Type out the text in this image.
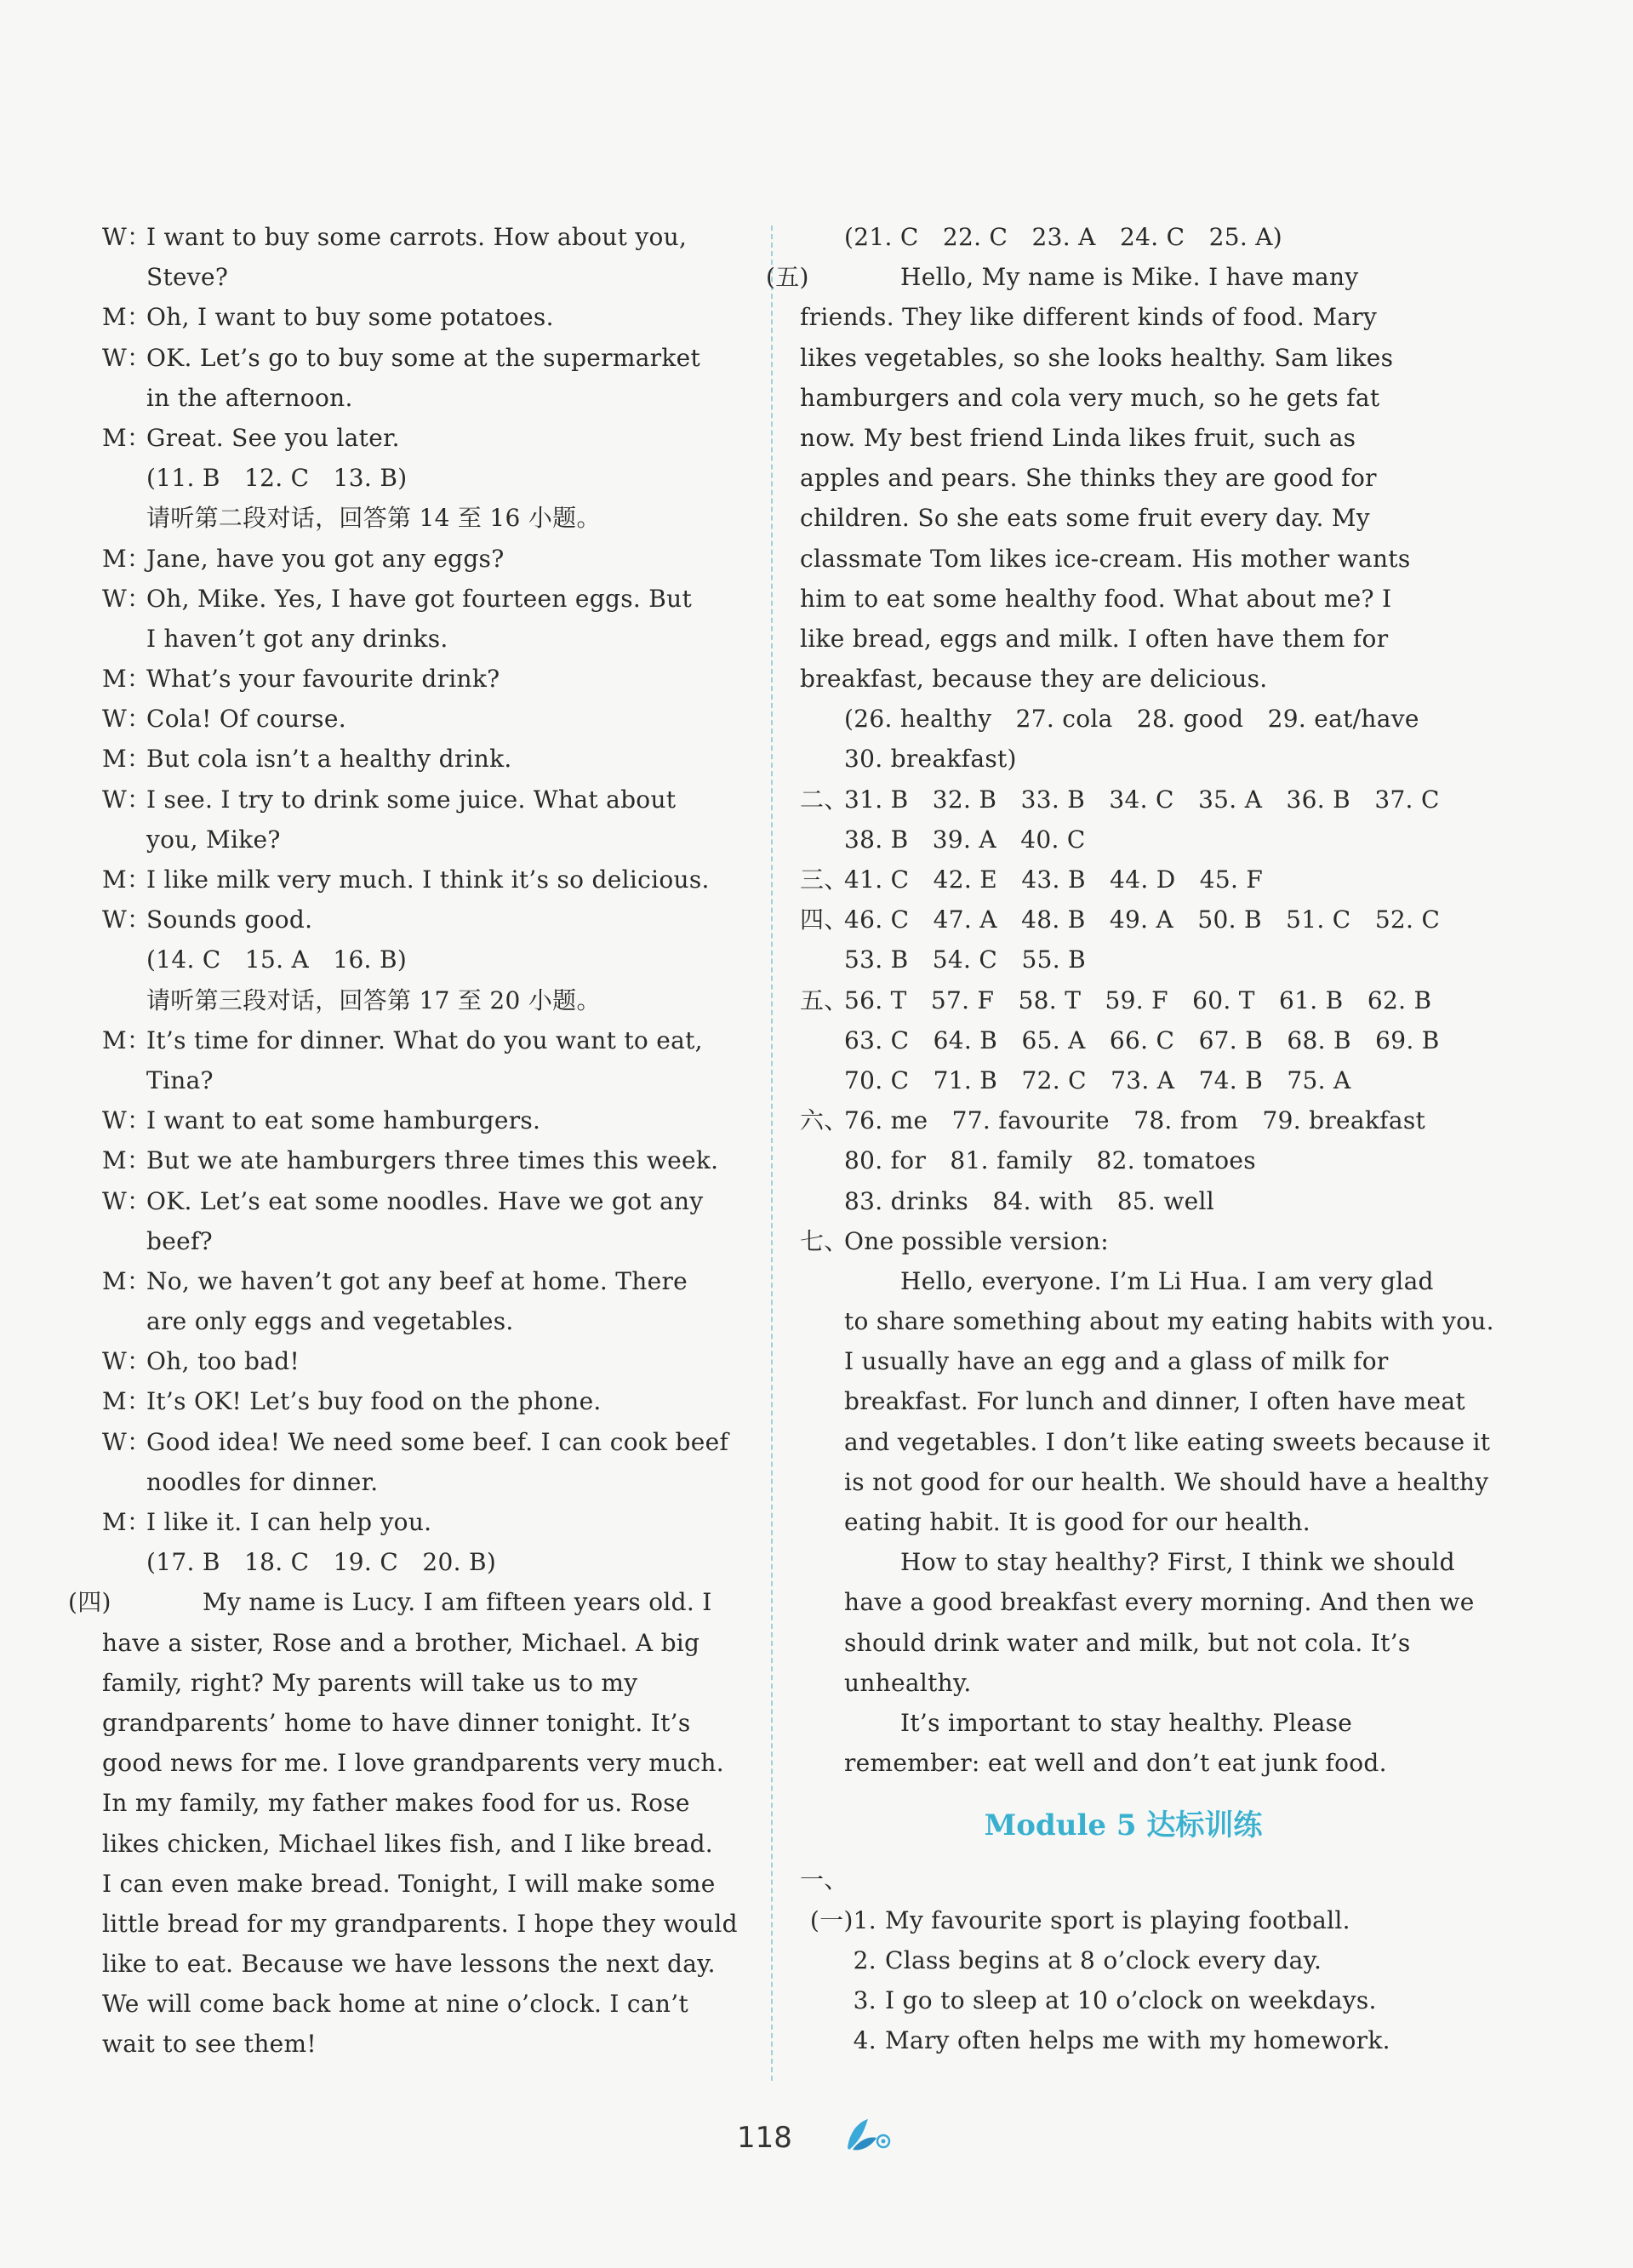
W：
I want to buy some carrots. How about you,
Steve?
M：
Oh, I want to buy some potatoes.
W：
OK. Let’s go to buy some at the supermarket
in the afternoon.
M：
Great. See you later.
(11. B　12. C　13. B)
请听第二段对话，回答第 14 至 16 小题。
M：
Jane, have you got any eggs?
W：
Oh, Mike. Yes, I have got fourteen eggs. But
I haven’t got any drinks.
M：
What’s your favourite drink?
W：
Cola! Of course.
M：
But cola isn’t a healthy drink.
W：
I see. I try to drink some juice. What about
you, Mike?
M：
I like milk very much. I think it’s so delicious.
W：
Sounds good.
(14. C　15. A　16. B)
请听第三段对话，回答第 17 至 20 小题。
M：
It’s time for dinner. What do you want to eat,
Tina?
W：
I want to eat some hamburgers.
M：
But we ate hamburgers three times this week.
W：
OK. Let’s eat some noodles. Have we got any
beef?
M：
No, we haven’t got any beef at home. There
are only eggs and vegetables.
W：
Oh, too bad!
M：
It’s OK! Let’s buy food on the phone.
W：
Good idea! We need some beef. I can cook beef
noodles for dinner.
M：
I like it. I can help you.
(17. B　18. C　19. C　20. B)
(四)	My name is Lucy. I am fifteen years old. I
have a sister, Rose and a brother, Michael. A big
family, right? My parents will take us to my
grandparents’ home to have dinner tonight. It’s
good news for me. I love grandparents very much.
In my family, my father makes food for us. Rose
likes chicken, Michael likes fish, and I like bread.
I can even make bread. Tonight, I will make some
little bread for my grandparents. I hope they would
like to eat. Because we have lessons the next day.
We will come back home at nine o’clock. I can’t
wait to see them!
(21. C　22. C　23. A　24. C　25. A)
(五)	Hello, My name is Mike. I have many
friends. They like different kinds of food. Mary
likes vegetables, so she looks healthy. Sam likes
hamburgers and cola very much, so he gets fat
now. My best friend Linda likes fruit, such as
apples and pears. She thinks they are good for
children. So she eats some fruit every day. My
classmate Tom likes ice-cream. His mother wants
him to eat some healthy food. What about me? I
like bread, eggs and milk. I often have them for
breakfast, because they are delicious.
(26. healthy　27. cola　28. good　29. eat/have
30. breakfast)
二、
31. B　32. B　33. B　34. C　35. A　36. B　37. C
38. B　39. A　40. C
三、
41. C　42. E　43. B　44. D　45. F
四、
46. C　47. A　48. B　49. A　50. B　51. C　52. C
53. B　54. C　55. B
五、
56. T　57. F　58. T　59. F　60. T　61. B　62. B
63. C　64. B　65. A　66. C　67. B　68. B　69. B
70. C　71. B　72. C　73. A　74. B　75. A
六、
76. me　77. favourite　78. from　79. breakfast
80. for　81. family　82. tomatoes
83. drinks　84. with　85. well
七、
One possible version:
Hello, everyone. I’m Li Hua. I am very glad
to share something about my eating habits with you.
I usually have an egg and a glass of milk for
breakfast. For lunch and dinner, I often have meat
and vegetables. I don’t like eating sweets because it
is not good for our health. We should have a healthy
eating habit. It is good for our health.
How to stay healthy? First, I think we should
have a good breakfast every morning. And then we
should drink water and milk, but not cola. It’s
unhealthy.
It’s important to stay healthy. Please
remember: eat well and don’t eat junk food.
Module 5 达标训练
一、
(一)1. My favourite sport is playing football.
2. Class begins at 8 o’clock every day.
3. I go to sleep at 10 o’clock on weekdays.
4. Mary often helps me with my homework.
118
